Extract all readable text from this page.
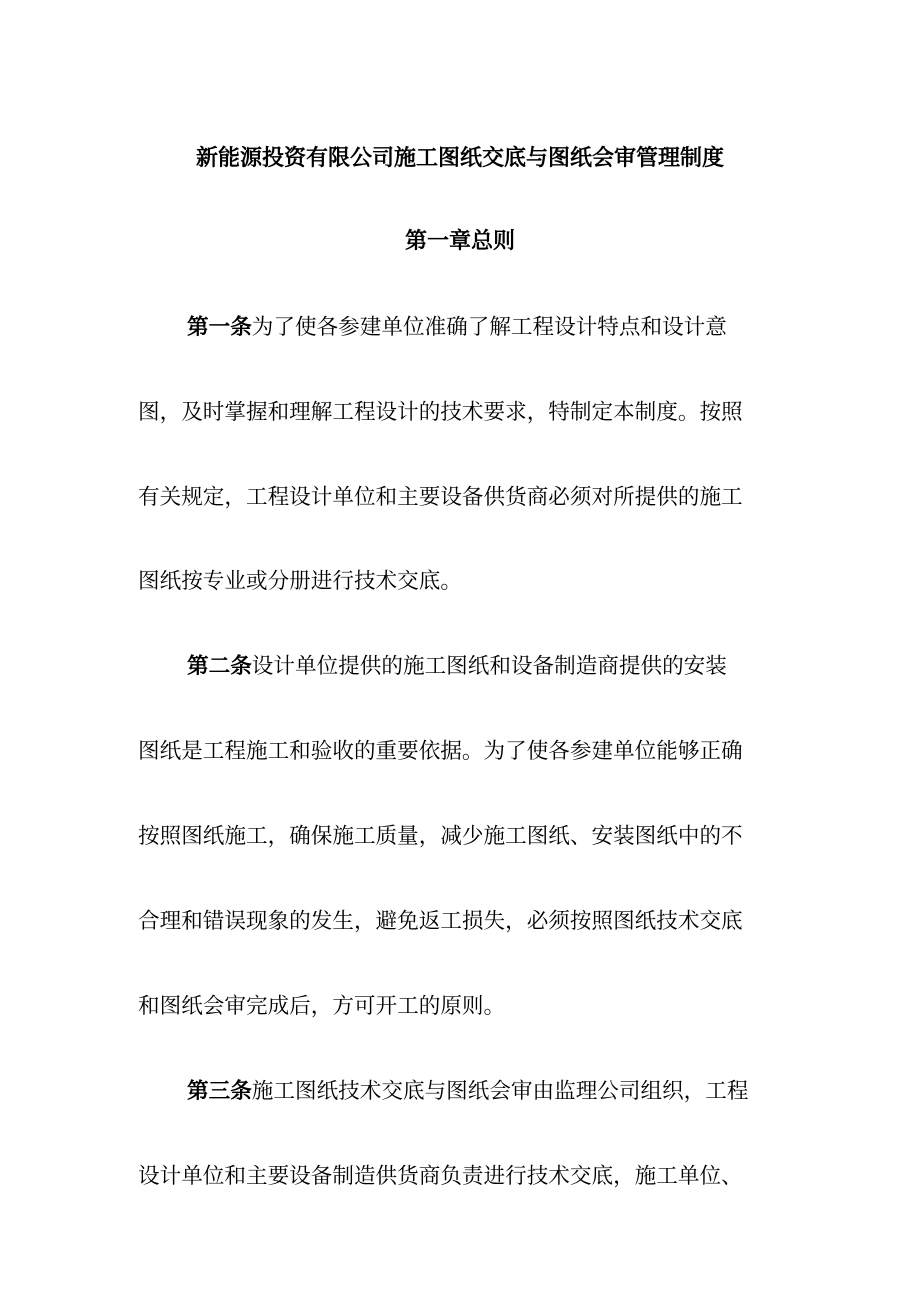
新能源投资有限公司施工图纸交底与图纸会审管理制度
第一章总则
第一条为了使各参建单位准确了解工程设计特点和设计意
图，及时掌握和理解工程设计的技术要求，特制定本制度。按照
有关规定，工程设计单位和主要设备供货商必须对所提供的施工
图纸按专业或分册进行技术交底。
第二条设计单位提供的施工图纸和设备制造商提供的安装
图纸是工程施工和验收的重要依据。为了使各参建单位能够正确
按照图纸施工，确保施工质量，减少施工图纸、安装图纸中的不
合理和错误现象的发生，避免返工损失，必须按照图纸技术交底
和图纸会审完成后，方可开工的原则。
第三条施工图纸技术交底与图纸会审由监理公司组织，工程
设计单位和主要设备制造供货商负责进行技术交底，施工单位、
